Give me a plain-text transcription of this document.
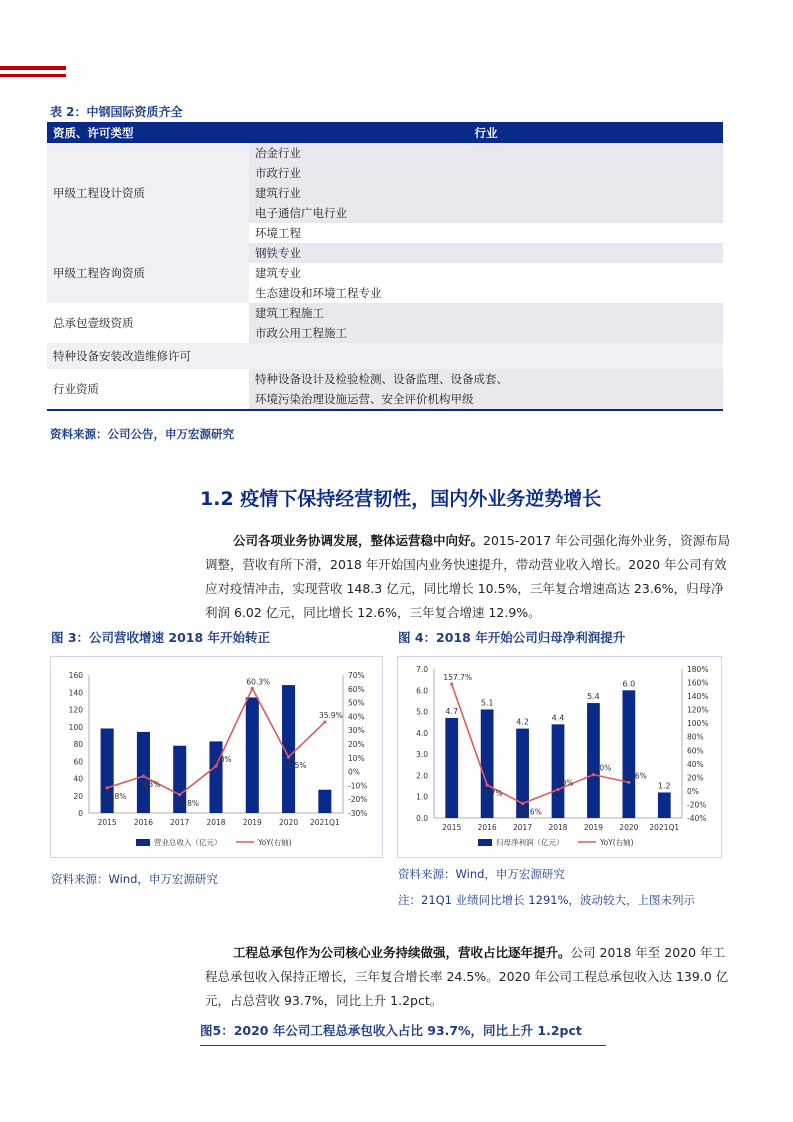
表 2：中钢国际资质齐全
资质、许可类型	行业
甲级工程设计资质	冶金行业
	市政行业
	建筑行业
	电子通信广电行业
	环境工程
甲级工程咨询资质	钢铁专业
	建筑专业
	生态建设和环境工程专业
总承包壹级资质	建筑工程施工
	市政公用工程施工
特种设备安装改造维修许可	
行业资质	特种设备设计及检验检测、设备监理、设备成套、
	环境污染治理设施运营、安全评价机构甲级
资料来源：公司公告，申万宏源研究
1.2 疫情下保持经营韧性，国内外业务逆势增长
公司各项业务协调发展，整体运营稳中向好。2015-2017 年公司强化海外业务，资源布局调整，营收有所下滑，2018 年开始国内业务快速提升，带动营业收入增长。2020 年公司有效应对疫情冲击，实现营收 148.3 亿元，同比增长 10.5%，三年复合增速高达 23.6%，归母净利润 6.02 亿元，同比增长 12.6%，三年复合增速 12.9%。
图 3：公司营收增速 2018 年开始转正	图 4：2018 年开始公司归母净利润提升
0
20
40
60
80
100
120
140
160
-30%
-20%
-10%
0%
10%
20%
30%
40%
50%
60%
70%
2015 2016 2017 2018 2019 2020 2021Q1
-11.8%
-3.3%
-16.8%
4.0%
60.3%
10.5%
35.9%
营业总收入（亿元）	YoY(右轴)
0.0
1.0
2.0
3.0
4.0
5.0
6.0
7.0
-40%
-20%
0%
20%
40%
60%
80%
100%
120%
140%
160%
180%
2015
4.7
2016
5.1
2017
4.2
2018
4.4
2019
5.4
2020
6.0
2021Q1
1.2
157.7%
8.7%
-18.6%
2.0%
24.0%
12.6%
归母净利润（亿元）	YoY(右轴)
资料来源：Wind，申万宏源研究	资料来源：Wind，申万宏源研究
注：21Q1 业绩同比增长 1291%，波动较大，上图未列示
工程总承包作为公司核心业务持续做强，营收占比逐年提升。公司 2018 年至 2020 年工程总承包收入保持正增长，三年复合增长率 24.5%。2020 年公司工程总承包收入达 139.0 亿元，占总营收 93.7%，同比上升 1.2pct。
图5：2020 年公司工程总承包收入占比 93.7%，同比上升 1.2pct
